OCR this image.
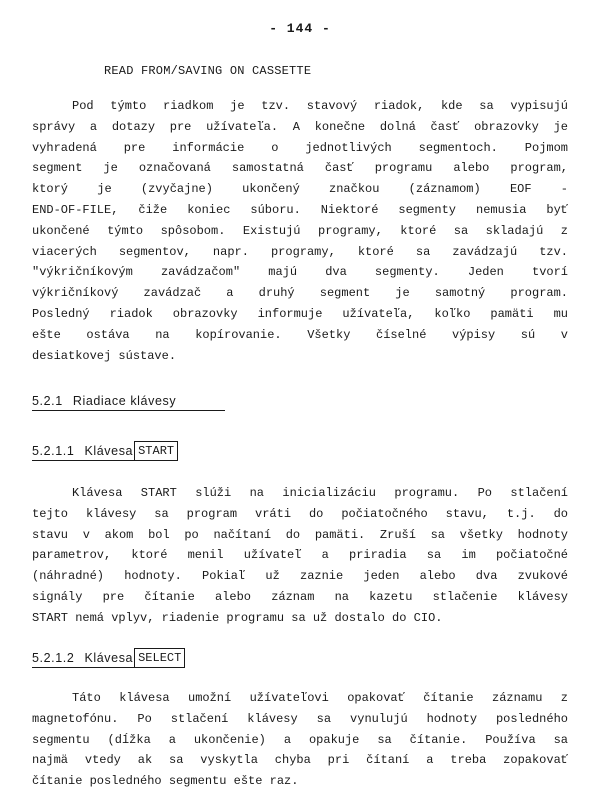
- 144 -
READ FROM/SAVING ON CASSETTE

Pod týmto riadkom je tzv. stavový riadok, kde sa vypisujú
správy a dotazy pre užívateľa. A konečne dolná časť obrazovky je
vyhradená pre informácie o jednotlivých segmentoch. Pojmom
segment je označovaná samostatná časť programu alebo program,
ktorý je (zvyčajne) ukončený značkou (záznamom) EOF -
END-OF-FILE, čiže koniec súboru. Niektoré segmenty nemusia byť
ukončené týmto spôsobom. Existujú programy, ktoré sa skladajú z
viacerých segmentov, napr. programy, ktoré sa zavádzajú tzv.
"výkričníkovým zavádzačom" majú dva segmenty. Jeden tvorí
výkričníkový zavádzač a druhý segment je samotný program.
Posledný riadok obrazovky informuje užívateľa, koľko pamäti mu
ešte ostáva na kopírovanie. Všetky číselné výpisy sú v
desiatkovej sústave.

5.2.1 Riadiace klávesy
5.2.1.1 Klávesa START

Klávesa START slúži na inicializáciu programu. Po stlačení
tejto klávesy sa program vráti do počiatočného stavu, t.j. do
stavu v akom bol po načítaní do pamäti. Zruší sa všetky hodnoty
parametrov, ktoré menil užívateľ a priradia sa im počiatočné
(náhradné) hodnoty. Pokiaľ už zaznie jeden alebo dva zvukové
signály pre čítanie alebo záznam na kazetu stlačenie klávesy
START nemá vplyv, riadenie programu sa už dostalo do CIO.

5.2.1.2 Klávesa SELECT

Táto klávesa umožní užívateľovi opakovať čítanie záznamu z
magnetofónu. Po stlačení klávesy sa vynulujú hodnoty posledného
segmentu (dĺžka a ukončenie) a opakuje sa čítanie. Používa sa
najmä vtedy ak sa vyskytla chyba pri čítaní a treba zopakovať
čítanie posledného segmentu ešte raz.
